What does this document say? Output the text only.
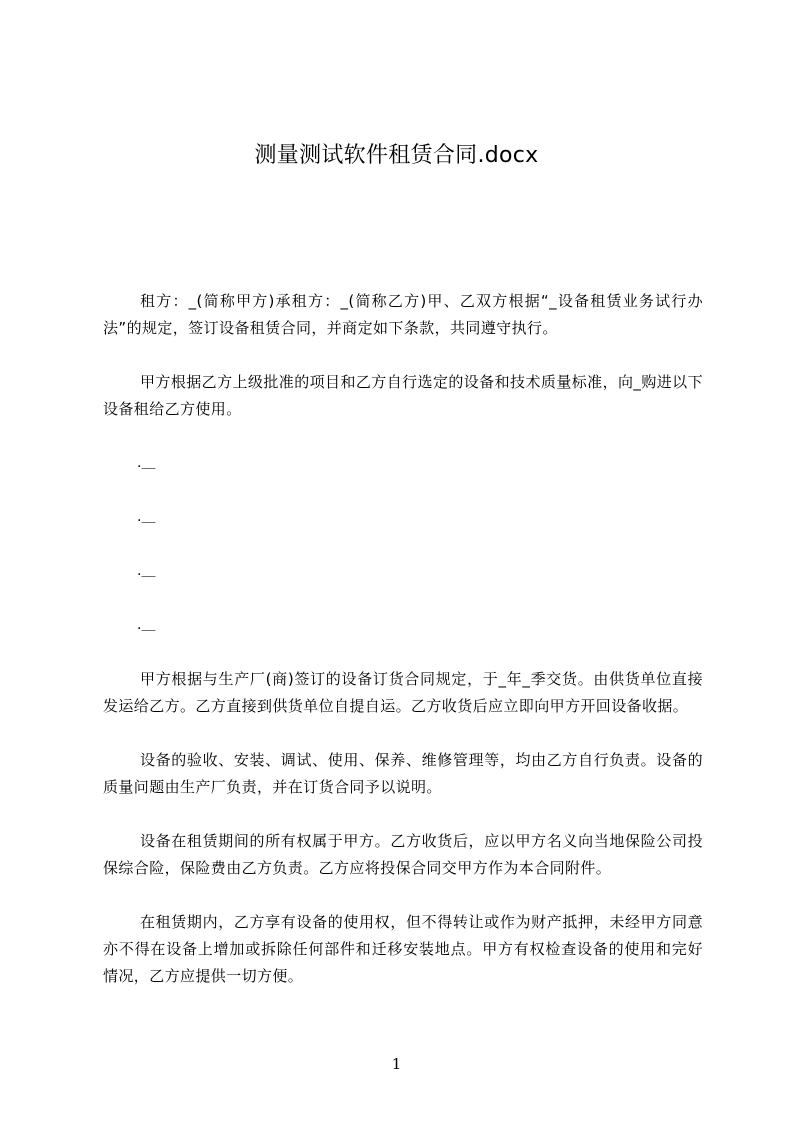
测量测试软件租赁合同.docx

租方：_(简称甲方)承租方：_(简称乙方)甲、乙双方根据“_设备租赁业务试行办法”的规定，签订设备租赁合同，并商定如下条款，共同遵守执行。

甲方根据乙方上级批准的项目和乙方自行选定的设备和技术质量标准，向_购进以下设备租给乙方使用。

.＿

.＿

.＿

.＿

甲方根据与生产厂(商)签订的设备订货合同规定，于_年_季交货。由供货单位直接发运给乙方。乙方直接到供货单位自提自运。乙方收货后应立即向甲方开回设备收据。

设备的验收、安装、调试、使用、保养、维修管理等，均由乙方自行负责。设备的质量问题由生产厂负责，并在订货合同予以说明。

设备在租赁期间的所有权属于甲方。乙方收货后，应以甲方名义向当地保险公司投保综合险，保险费由乙方负责。乙方应将投保合同交甲方作为本合同附件。

在租赁期内，乙方享有设备的使用权，但不得转让或作为财产抵押，未经甲方同意亦不得在设备上增加或拆除任何部件和迁移安装地点。甲方有权检查设备的使用和完好情况，乙方应提供一切方便。

1
